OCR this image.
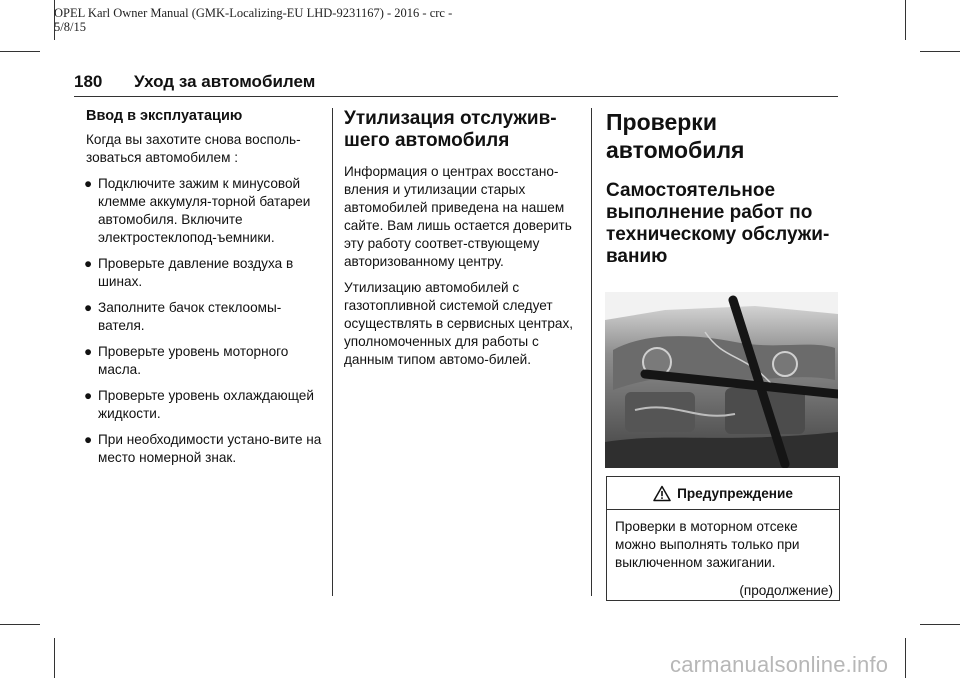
OPEL Karl Owner Manual (GMK-Localizing-EU LHD-9231167) - 2016 - crc -
5/8/15
180 Уход за автомобилем
Ввод в эксплуатацию

Когда вы захотите снова восполь-зоваться автомобилем :

● Подключите зажим к минусовой клемме аккумуля-торной батареи автомобиля. Включите электростеклопод-ъемники.
● Проверьте давление воздуха в шинах.
● Заполните бачок стеклоомы-вателя.
● Проверьте уровень моторного масла.
● Проверьте уровень охлаждающей жидкости.
● При необходимости устано-вите на место номерной знак.
Утилизация отслужив-шего автомобиля

Информация о центрах восстано-вления и утилизации старых автомобилей приведена на нашем сайте. Вам лишь остается доверить эту работу соответ-ствующему авторизованному центру.

Утилизацию автомобилей с газотопливной системой следует осуществлять в сервисных центрах, уполномоченных для работы с данным типом автомо-билей.

Проверки автомобиля
Самостоятельное выполнение работ по техническому обслужи-ванию
Предупреждение

Проверки в моторном отсеке можно выполнять только при выключенном зажигании.

(продолжение)
carmanualsonline.info
